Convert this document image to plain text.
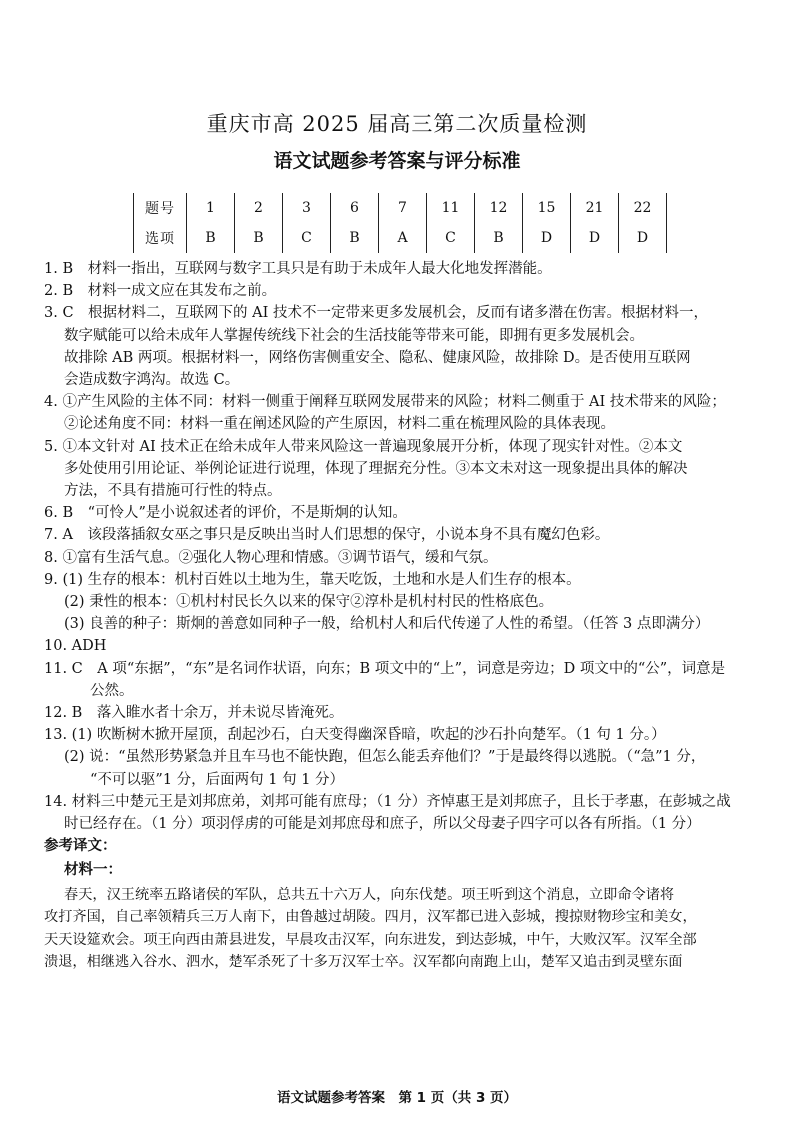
重庆市高 2025 届高三第二次质量检测
语文试题参考答案与评分标准
题号	1	2	3	6	7	11	12	15	21	22
选项	B	B	C	B	A	C	B	D	D	D

1. B　材料一指出，互联网与数字工具只是有助于未成年人最大化地发挥潜能。

2. B　材料一成文应在其发布之前。

3. C　根据材料二，互联网下的 AI 技术不一定带来更多发展机会，反而有诸多潜在伤害。根据材料一，

数字赋能可以给未成年人掌握传统线下社会的生活技能等带来可能，即拥有更多发展机会。

故排除 AB 两项。根据材料一，网络伤害侧重安全、隐私、健康风险，故排除 D。是否使用互联网

会造成数字鸿沟。故选 C。

4. ①产生风险的主体不同：材料一侧重于阐释互联网发展带来的风险；材料二侧重于 AI 技术带来的风险；

②论述角度不同：材料一重在阐述风险的产生原因，材料二重在梳理风险的具体表现。

5. ①本文针对 AI 技术正在给未成年人带来风险这一普遍现象展开分析，体现了现实针对性。②本文

多处使用引用论证、举例论证进行说理，体现了理据充分性。③本文未对这一现象提出具体的解决

方法，不具有措施可行性的特点。

6. B　“可怜人”是小说叙述者的评价，不是斯炯的认知。

7. A　该段落插叙女巫之事只是反映出当时人们思想的保守，小说本身不具有魔幻色彩。

8. ①富有生活气息。②强化人物心理和情感。③调节语气，缓和气氛。

9. (1) 生存的根本：机村百姓以土地为生，靠天吃饭，土地和水是人们生存的根本。

(2) 秉性的根本：①机村村民长久以来的保守②淳朴是机村村民的性格底色。

(3) 良善的种子：斯炯的善意如同种子一般，给机村人和后代传递了人性的希望。（任答 3 点即满分）

10. ADH

11. C　A 项“东据”，“东”是名词作状语，向东；B 项文中的“上”，词意是旁边；D 项文中的“公”，词意是

公然。

12. B　落入睢水者十余万，并未说尽皆淹死。

13. (1) 吹断树木掀开屋顶，刮起沙石，白天变得幽深昏暗，吹起的沙石扑向楚军。（1 句 1 分。）

(2) 说：“虽然形势紧急并且车马也不能快跑，但怎么能丢弃他们？”于是最终得以逃脱。（“急”1 分，

“不可以驱”1 分，后面两句 1 句 1 分）

14. 材料三中楚元王是刘邦庶弟，刘邦可能有庶母；（1 分）齐悼惠王是刘邦庶子，且长于孝惠，在彭城之战

时已经存在。（1 分）项羽俘虏的可能是刘邦庶母和庶子，所以父母妻子四字可以各有所指。（1 分）

参考译文：

材料一：

春天，汉王统率五路诸侯的军队，总共五十六万人，向东伐楚。项王听到这个消息，立即命令诸将

攻打齐国，自己率领精兵三万人南下，由鲁越过胡陵。四月，汉军都已进入彭城，搜掠财物珍宝和美女，

天天设筵欢会。项王向西由萧县进发，早晨攻击汉军，向东进发，到达彭城，中午，大败汉军。汉军全部

溃退，相继逃入谷水、泗水，楚军杀死了十多万汉军士卒。汉军都向南跑上山，楚军又追击到灵壁东面

语文试题参考答案　第 1 页（共 3 页）
